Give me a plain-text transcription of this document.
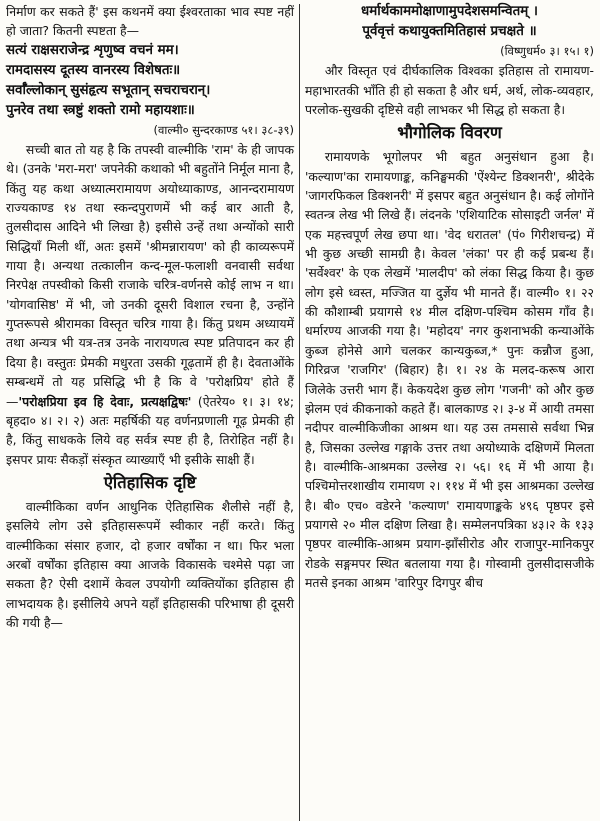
निर्माण कर सकते हैं' इस कथनमें क्या ईश्वरताका भाव स्पष्ट नहीं हो जाता? कितनी स्पष्टता है—

सत्यं राक्षसराजेन्द्र शृणुष्व वचनं मम।
रामदासस्य दूतस्य वानरस्य विशेषतः॥
सर्वाँल्लोकान् सुसंहृत्य सभूतान् सचराचरान्।
पुनरेव तथा स्त्रष्टुं शक्तो रामो महायशाः॥
(वाल्मी० सुन्दरकाण्ड ५१। ३८-३९)

सच्ची बात तो यह है कि तपस्वी वाल्मीकि 'राम' के ही जापक थे। (उनके 'मरा-मरा' जपनेकी कथाको भी बहुतोंने निर्मूल माना है, किंतु यह कथा अध्यात्मरामायण अयोध्याकाण्ड, आनन्दरामायण राज्यकाण्ड १४ तथा स्कन्दपुराणमें भी कई बार आती है, तुलसीदास आदिने भी लिखा है) इसीसे उन्हें तथा अन्योंको सारी सिद्धियाँ मिली थीं, अतः इसमें 'श्रीमन्नारायण' को ही काव्यरूपमें गाया है। अन्यथा तत्कालीन कन्द-मूल-फलाशी वनवासी सर्वथा निरपेक्ष तपस्वीको किसी राजाके चरित्र-वर्णनसे कोई लाभ न था। 'योगवासिष्ठ' में भी, जो उनकी दूसरी विशाल रचना है, उन्होंने गुप्तरूपसे श्रीरामका विस्तृत चरित्र गाया है। किंतु प्रथम अध्यायमें तथा अन्यत्र भी यत्र-तत्र उनके नारायणत्व स्पष्ट प्रतिपादन कर ही दिया है। वस्तुतः प्रेमकी मधुरता उसकी गूढ़तामें ही है। देवताओंके सम्बन्धमें तो यह प्रसिद्धि भी है कि वे 'परोक्षप्रिय' होते हैं—'परोक्षप्रिया इव हि देवाः, प्रत्यक्षद्विषः' (ऐतरेय० १। ३। १४; बृहदा० ४। २। २) अतः महर्षिकी यह वर्णनप्रणाली गूढ़ प्रेमकी ही है, किंतु साधकके लिये वह सर्वत्र स्पष्ट ही है, तिरोहित नहीं है। इसपर प्रायः सैकड़ों संस्कृत व्याख्याएँ भी इसीके साक्षी हैं।

ऐतिहासिक दृष्टि

वाल्मीकिका वर्णन आधुनिक ऐतिहासिक शैलीसे नहीं है, इसलिये लोग उसे इतिहासरूपमें स्वीकार नहीं करते। किंतु वाल्मीकिका संसार हजार, दो हजार वर्षोंका न था। फिर भला अरबों वर्षोंका इतिहास क्या आजके विकासके चश्मेसे पढ़ा जा सकता है? ऐसी दशामें केवल उपयोगी व्यक्तियोंका इतिहास ही लाभदायक है। इसीलिये अपने यहाँ इतिहासकी परिभाषा ही दूसरी की गयी है—

धर्मार्थकाममोक्षाणामुपदेशसमन्वितम् ।
पूर्ववृत्तं कथायुक्तमितिहासं प्रचक्षते ॥
(विष्णुधर्म० ३। १५। १)

और विस्तृत एवं दीर्घकालिक विश्वका इतिहास तो रामायण-महाभारतकी भाँति ही हो सकता है और धर्म, अर्थ, लोक-व्यवहार, परलोक-सुखकी दृष्टिसे वही लाभकर भी सिद्ध हो सकता है।

भौगोलिक विवरण

रामायणके भूगोलपर भी बहुत अनुसंधान हुआ है। 'कल्याण'का रामायणाङ्क, कनिङ्घमकी 'ऐंश्येन्ट डिक्शनरी', श्रीदेके 'जागरफिकल डिक्शनरी' में इसपर बहुत अनुसंधान है। कई लोगोंने स्वतन्त्र लेख भी लिखे हैं। लंदनके 'एशियाटिक सोसाइटी जर्नल' में एक महत्त्वपूर्ण लेख छपा था। 'वेद धरातल' (पं० गिरीशचन्द्र) में भी कुछ अच्छी सामग्री है। केवल 'लंका' पर ही कई प्रबन्ध हैं। 'सर्वेश्वर' के एक लेखमें 'मालदीप' को लंका सिद्ध किया है। कुछ लोग इसे ध्वस्त, मज्जित या दुर्ज्ञेय भी मानते हैं। वाल्मी० १। २२ की कौशाम्बी प्रयागसे १४ मील दक्षिण-पश्चिम कोसम गाँव है। धर्मारण्य आजकी गया है। 'महोदय' नगर कुशनाभकी कन्याओंके कुब्ज होनेसे आगे चलकर कान्यकुब्ज,* पुनः कन्नौज हुआ, गिरिव्रज 'राजगिर' (बिहार) है। १। २४ के मलद-करूष आरा जिलेके उत्तरी भाग हैं। केकयदेश कुछ लोग 'गजनी' को और कुछ झेलम एवं कीकनाको कहते हैं। बालकाण्ड २। ३-४ में आयी तमसा नदीपर वाल्मीकिजीका आश्रम था। यह उस तमसासे सर्वथा भिन्न है, जिसका उल्लेख गङ्गाके उत्तर तथा अयोध्याके दक्षिणमें मिलता है। वाल्मीकि-आश्रमका उल्लेख २। ५६। १६ में भी आया है। पश्चिमोत्तरशाखीय रामायण २। ११४ में भी इस आश्रमका उल्लेख है। बी० एच० वडेरने 'कल्याण' रामायणाङ्कके ४९६ पृष्ठपर इसे प्रयागसे २० मील दक्षिण लिखा है। सम्मेलनपत्रिका ४३।२ के १३३ पृष्ठपर वाल्मीकि-आश्रम प्रयाग-झाँसीरोड और राजापुर-मानिकपुर रोडके सङ्गमपर स्थित बतलाया गया है। गोस्वामी तुलसीदासजीके मतसे इनका आश्रम 'वारिपुर दिगपुर बीच
